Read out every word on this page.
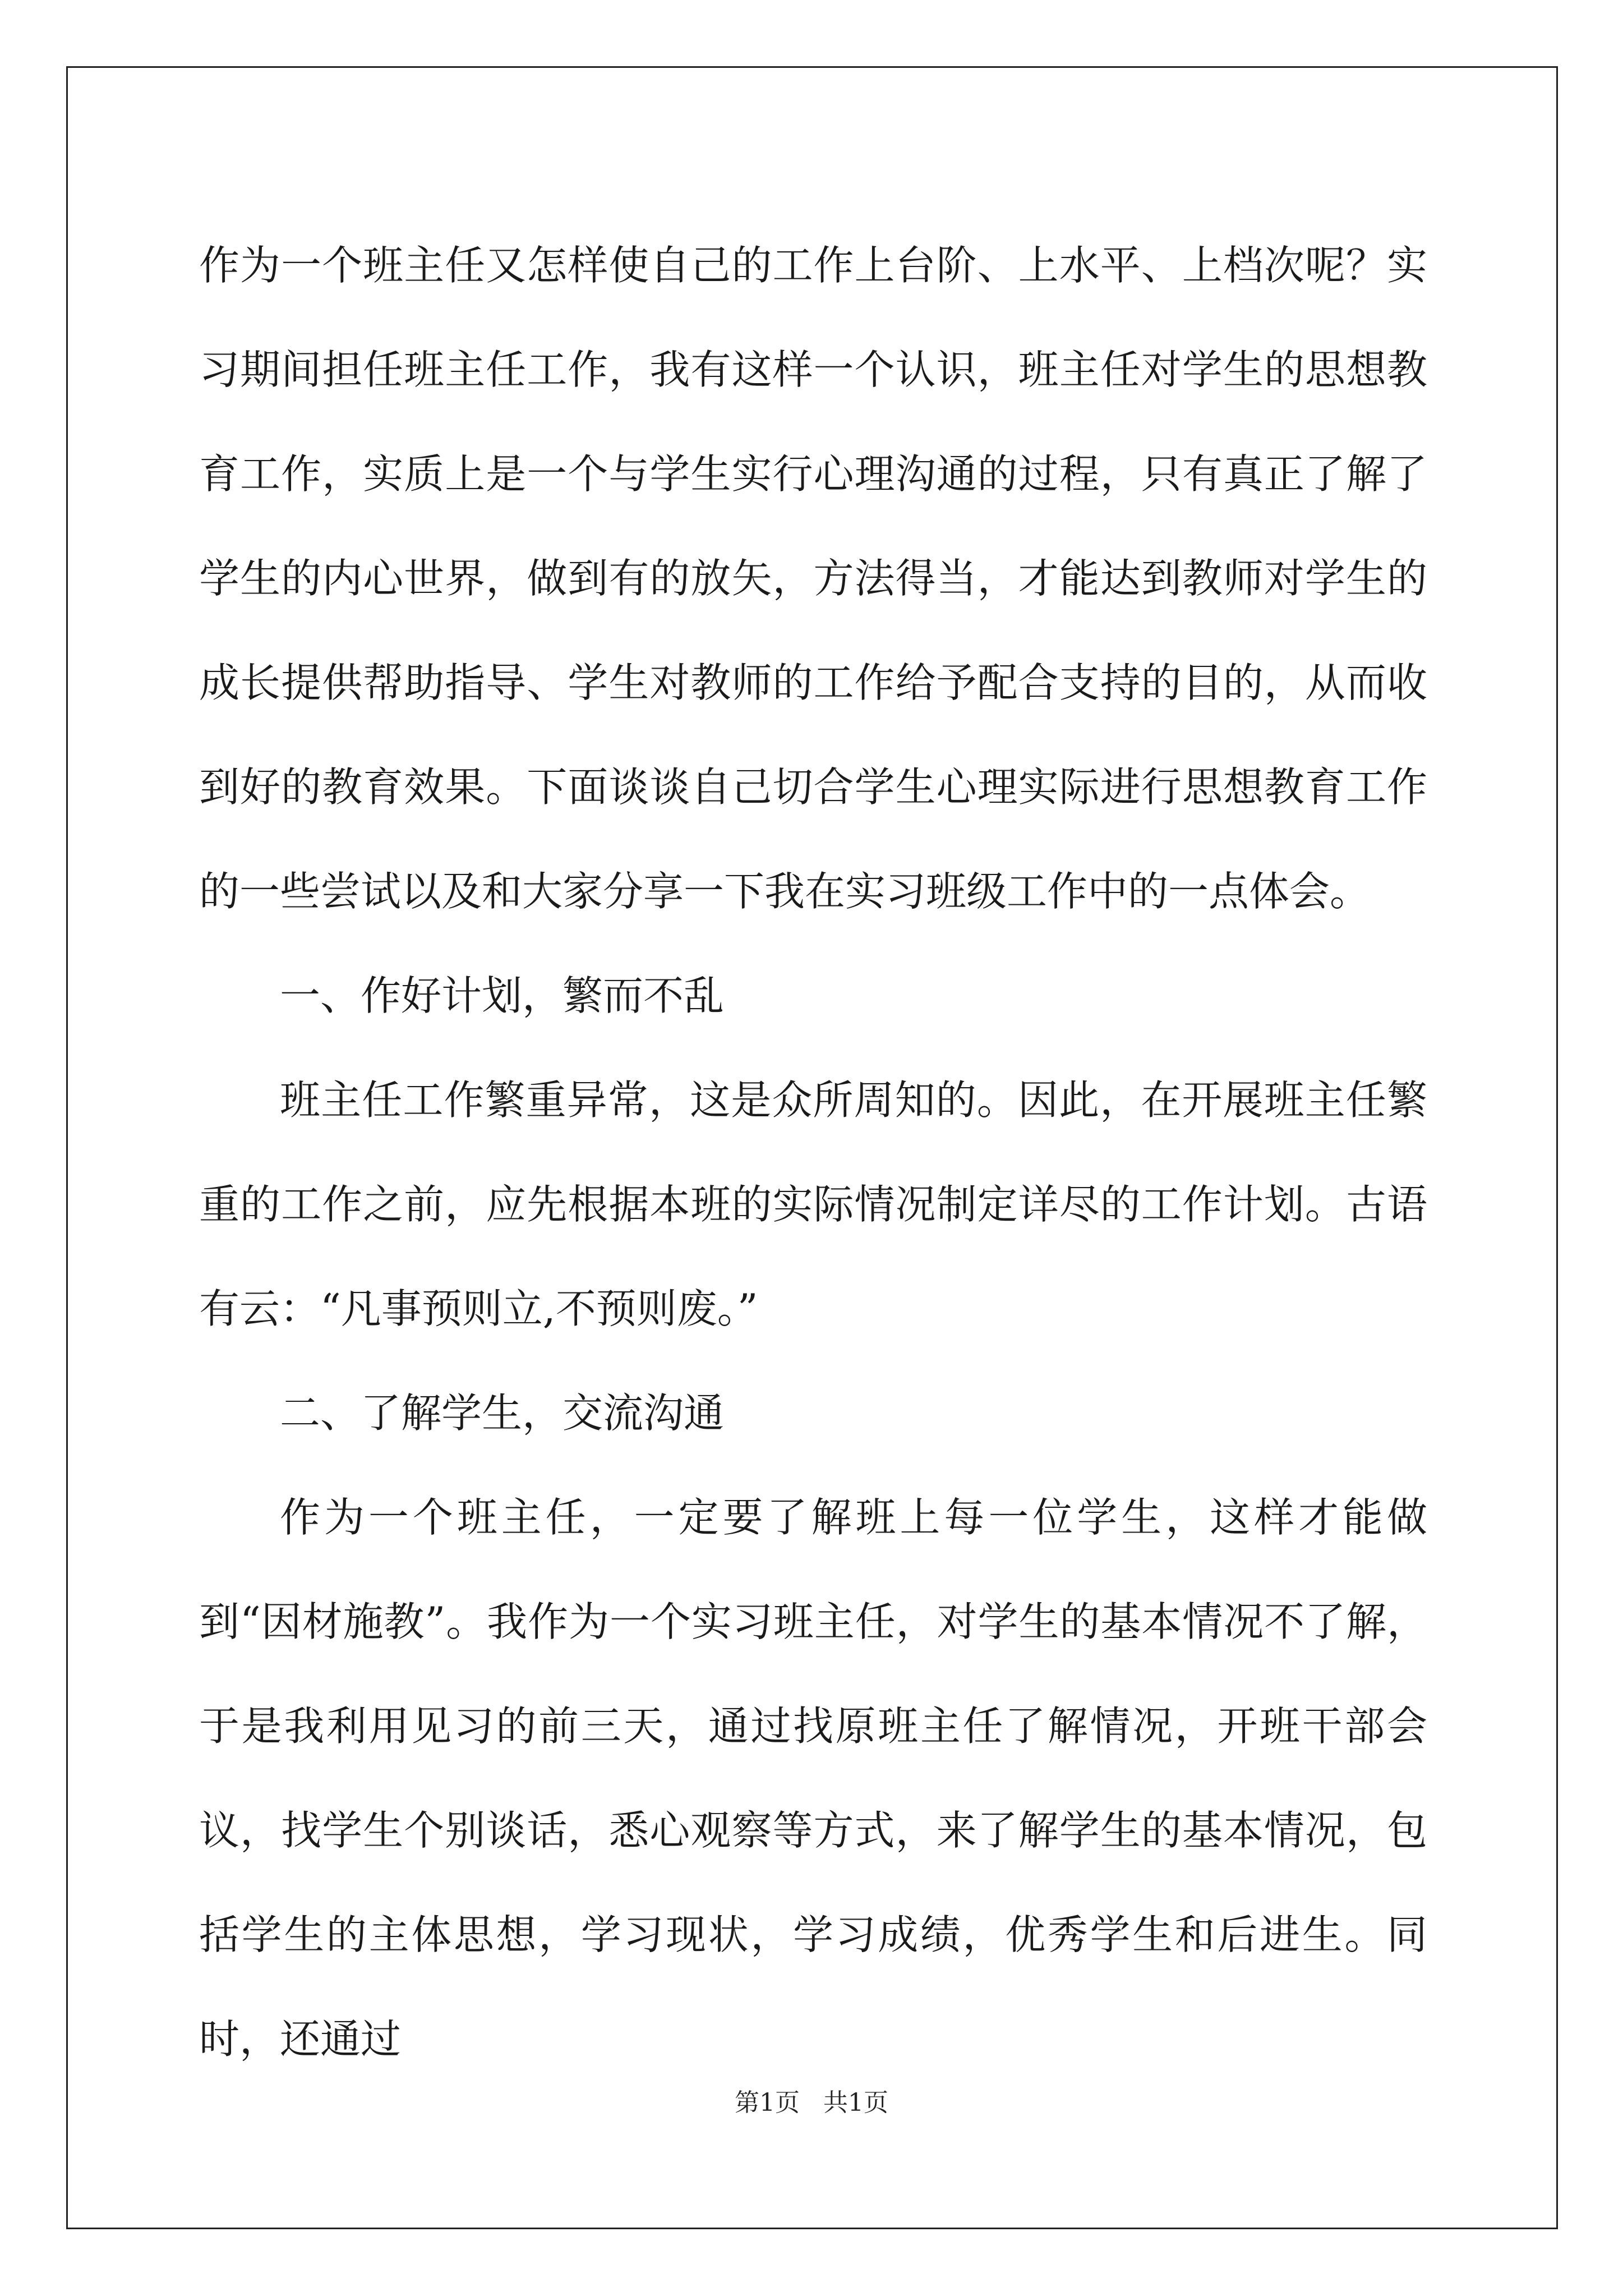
作为一个班主任又怎样使自己的工作上台阶、上水平、上档次呢？实习期间担任班主任工作，我有这样一个认识，班主任对学生的思想教育工作，实质上是一个与学生实行心理沟通的过程，只有真正了解了学生的内心世界，做到有的放矢，方法得当，才能达到教师对学生的成长提供帮助指导、学生对教师的工作给予配合支持的目的，从而收到好的教育效果。下面谈谈自己切合学生心理实际进行思想教育工作的一些尝试以及和大家分享一下我在实习班级工作中的一点体会。

一、作好计划，繁而不乱

班主任工作繁重异常，这是众所周知的。因此，在开展班主任繁重的工作之前，应先根据本班的实际情况制定详尽的工作计划。古语有云：“凡事预则立,不预则废。”

二、了解学生，交流沟通

作为一个班主任，一定要了解班上每一位学生，这样才能做到“因材施教”。我作为一个实习班主任，对学生的基本情况不了解，于是我利用见习的前三天，通过找原班主任了解情况，开班干部会议，找学生个别谈话，悉心观察等方式，来了解学生的基本情况，包括学生的主体思想，学习现状，学习成绩，优秀学生和后进生。同时，还通过

第1页   共1页
